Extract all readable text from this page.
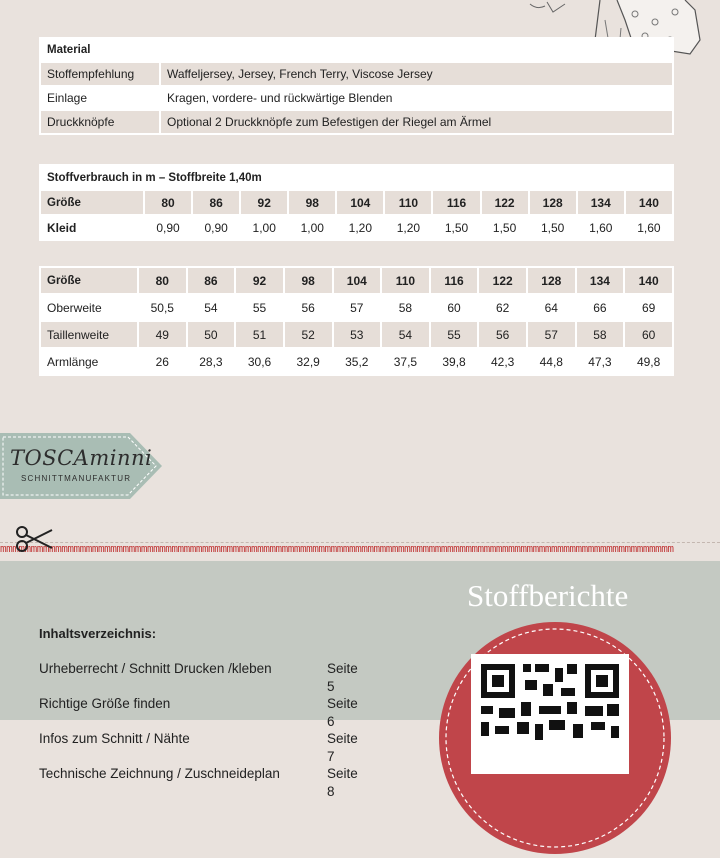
Material	
Stoffempfehlung	Waffeljersey, Jersey, French Terry, Viscose Jersey
Einlage	Kragen, vordere- und rückwärtige Blenden
Druckknöpfe	Optional 2 Druckknöpfe zum Befestigen der Riegel am Ärmel
Stoffverbrauch in m – Stoffbreite 1,40m											
Größe	80	86	92	98	104	110	116	122	128	134	140
Kleid	0,90	0,90	1,00	1,00	1,20	1,20	1,50	1,50	1,50	1,60	1,60
Größe	80	86	92	98	104	110	116	122	128	134	140
Oberweite	50,5	54	55	56	57	58	60	62	64	66	69
Taillenweite	49	50	51	52	53	54	55	56	57	58	60
Armlänge	26	28,3	30,6	32,9	35,2	37,5	39,8	42,3	44,8	47,3	49,8
TOSCAminni
SCHNITTMANUFAKTUR
mmmmmmmmmmmmmmmmmmmmmmmmmmmmmmmmmmmmmmmmmmmmmmmmmmmmmmmmmmmmmmmmmmmmmmmmmmmmmmmmmmmmmmmmmmmmmmmmmmmmmmmmmmmmmm
Inhaltsverzeichnis:
Urheberrecht / Schnitt Drucken /kleben	Seite 5
Richtige Größe finden	Seite 6
Infos zum Schnitt / Nähte	Seite 7
Technische Zeichnung / Zuschneideplan	Seite 8
Stoffberichte
